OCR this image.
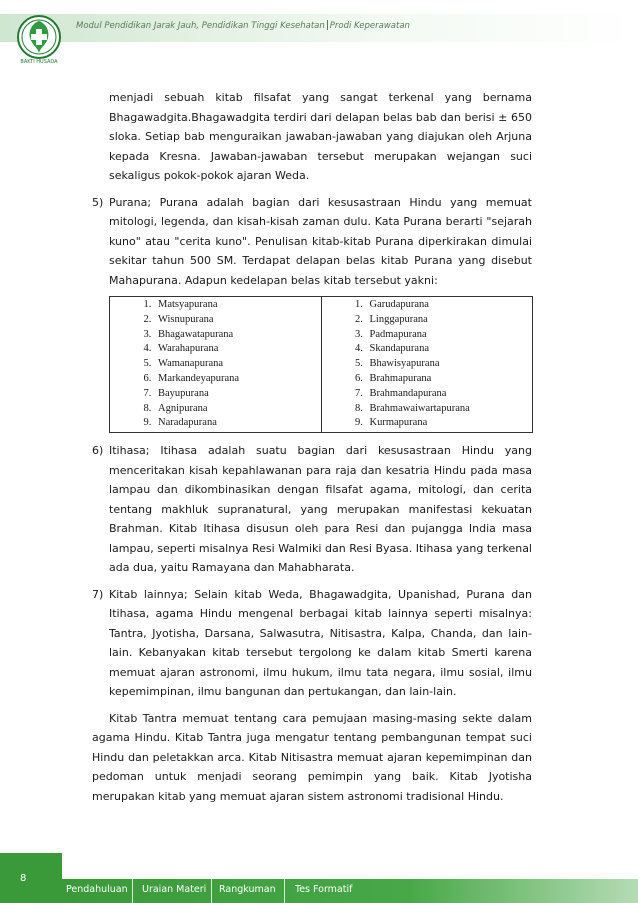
BAKTI HUSADA
Modul Pendidikan Jarak Jauh, Pendidikan Tinggi Kesehatan Prodi Keperawatan

menjadi sebuah kitab filsafat yang sangat terkenal yang bernama Bhagawadgita.Bhagawadgita terdiri dari delapan belas bab dan berisi ± 650 sloka. Setiap bab menguraikan jawaban-jawaban yang diajukan oleh Arjuna kepada Kresna. Jawaban-jawaban tersebut merupakan wejangan suci sekaligus pokok-pokok ajaran Weda.

5) Purana; Purana adalah bagian dari kesusastraan Hindu yang memuat mitologi, legenda, dan kisah-kisah zaman dulu. Kata Purana berarti "sejarah kuno" atau "cerita kuno". Penulisan kitab-kitab Purana diperkirakan dimulai sekitar tahun 500 SM. Terdapat delapan belas kitab Purana yang disebut Mahapurana. Adapun kedelapan belas kitab tersebut yakni:

1. Matsyapurana
2. Wisnupurana
3. Bhagawatapurana
4. Warahapurana
5. Wamanapurana
6. Markandeyapurana
7. Bayupurana
8. Agnipurana
9. Naradapurana
1. Garudapurana
2. Linggapurana
3. Padmapurana
4. Skandapurana
5. Bhawisyapurana
6. Brahmapurana
7. Brahmandapurana
8. Brahmawaiwartapurana
9. Kurmapurana
6) Itihasa; Itihasa adalah suatu bagian dari kesusastraan Hindu yang menceritakan kisah kepahlawanan para raja dan kesatria Hindu pada masa lampau dan dikombinasikan dengan filsafat agama, mitologi, dan cerita tentang makhluk supranatural, yang merupakan manifestasi kekuatan Brahman. Kitab Itihasa disusun oleh para Resi dan pujangga India masa lampau, seperti misalnya Resi Walmiki dan Resi Byasa. Itihasa yang terkenal ada dua, yaitu Ramayana dan Mahabharata.

7) Kitab lainnya; Selain kitab Weda, Bhagawadgita, Upanishad, Purana dan Itihasa, agama Hindu mengenal berbagai kitab lainnya seperti misalnya: Tantra, Jyotisha, Darsana, Salwasutra, Nitisastra, Kalpa, Chanda, dan lain-lain. Kebanyakan kitab tersebut tergolong ke dalam kitab Smerti karena memuat ajaran astronomi, ilmu hukum, ilmu tata negara, ilmu sosial, ilmu kepemimpinan, ilmu bangunan dan pertukangan, dan lain-lain.

Kitab Tantra memuat tentang cara pemujaan masing-masing sekte dalam agama Hindu. Kitab Tantra juga mengatur tentang pembangunan tempat suci Hindu dan peletakkan arca. Kitab Nitisastra memuat ajaran kepemimpinan dan pedoman untuk menjadi seorang pemimpin yang baik. Kitab Jyotisha merupakan kitab yang memuat ajaran sistem astronomi tradisional Hindu.

8
Pendahuluan Uraian Materi Rangkuman Tes Formatif
